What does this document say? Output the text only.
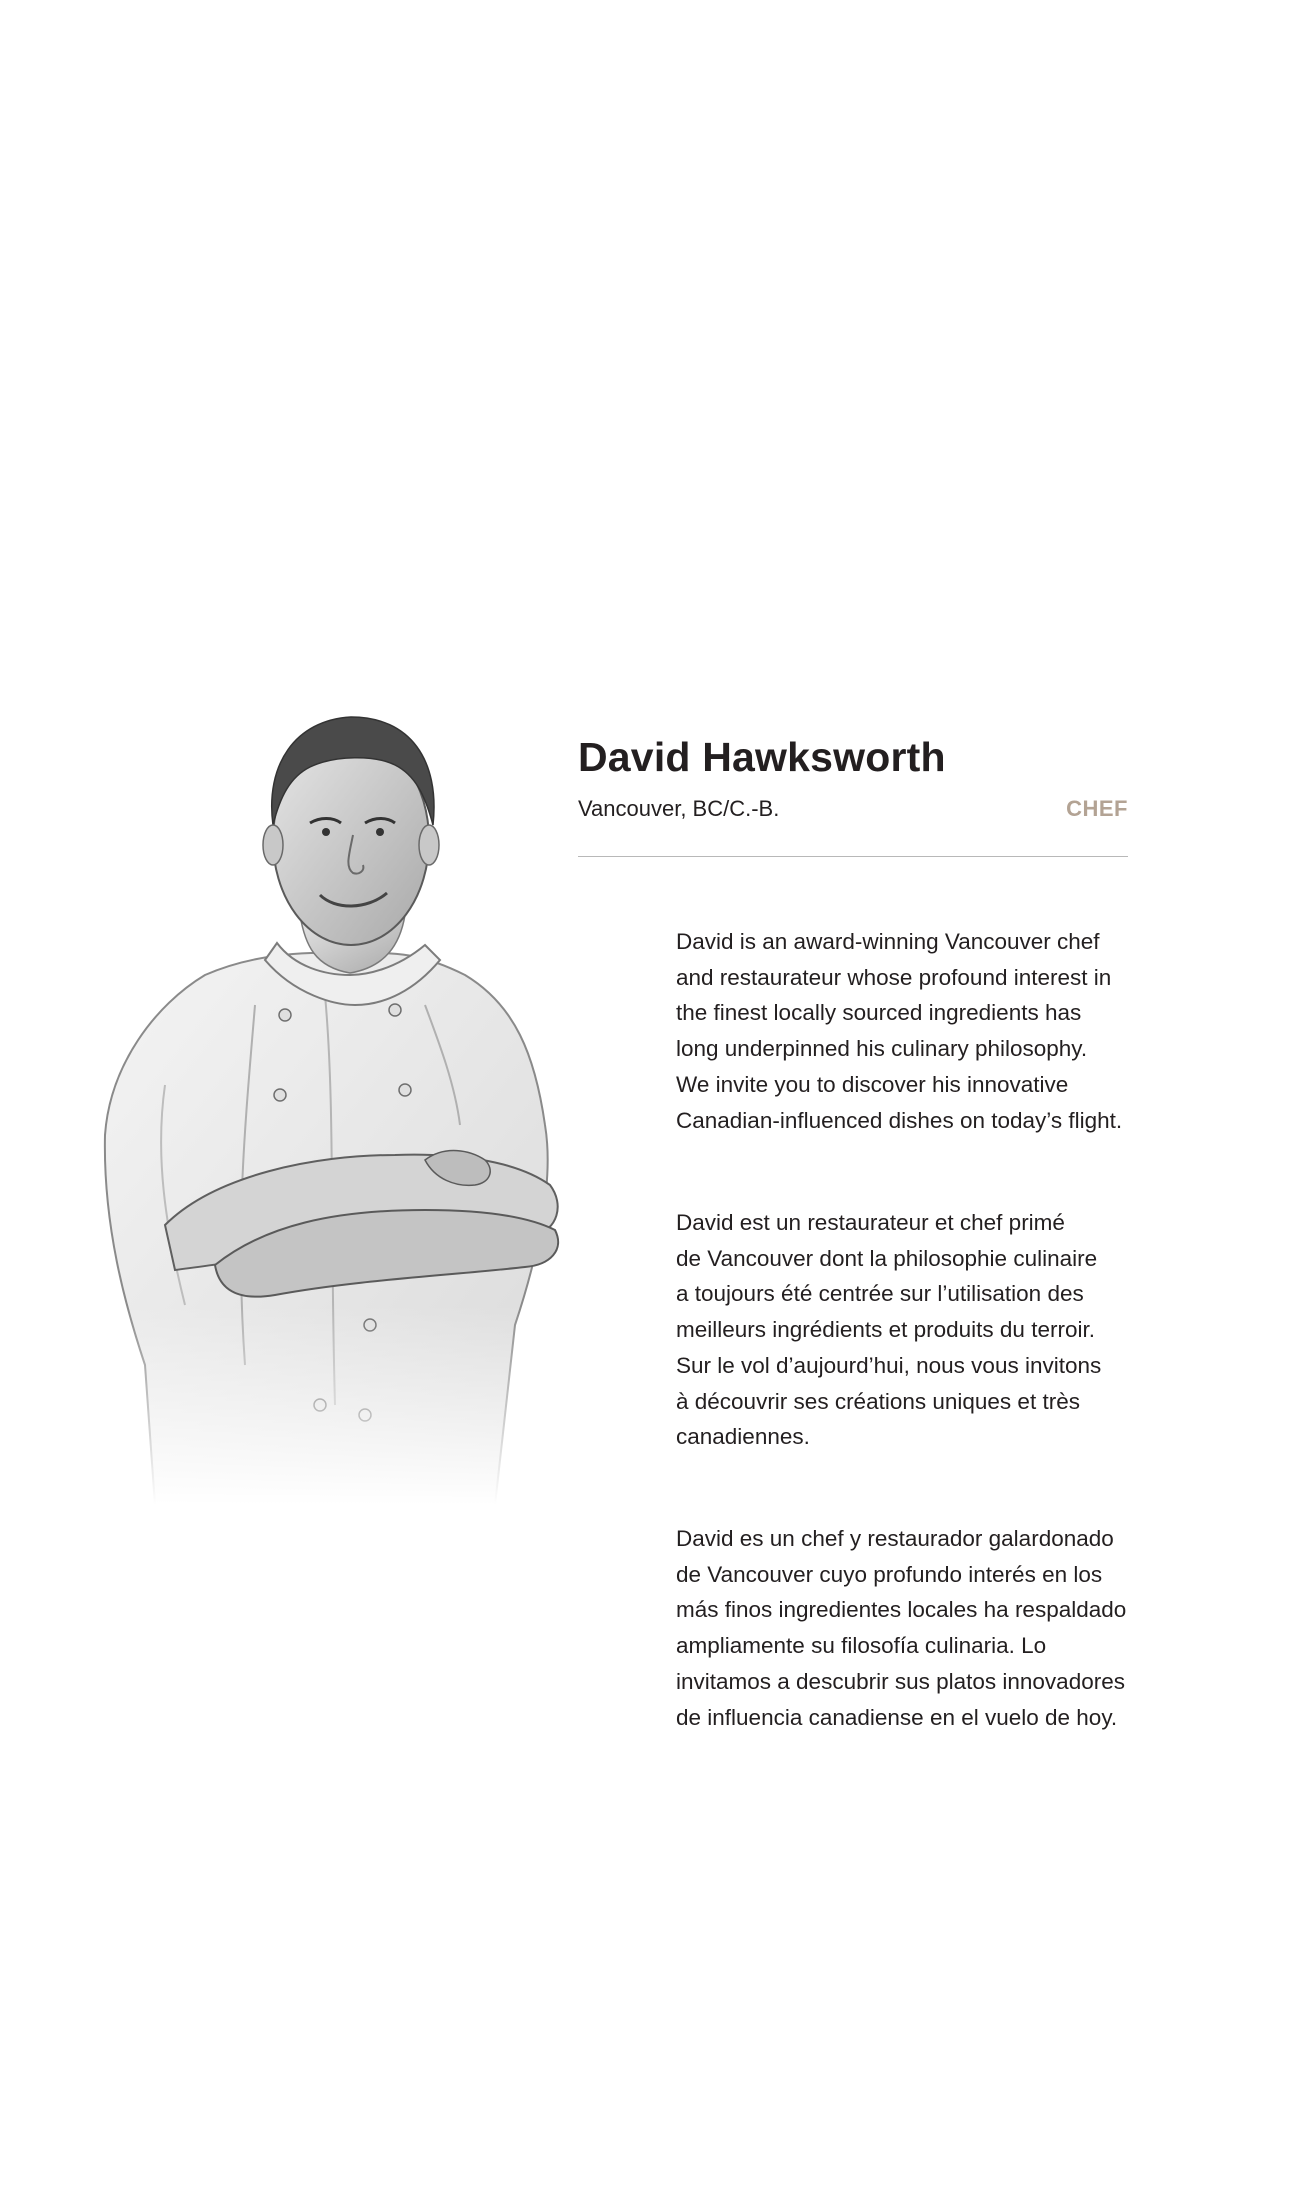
David Hawksworth
Vancouver, BC/C.-B.	CHEF

David is an award-winning Vancouver chef
and restaurateur whose profound interest in
the finest locally sourced ingredients has
long underpinned his culinary philosophy.
We invite you to discover his innovative
Canadian-influenced dishes on today’s flight.

David est un restaurateur et chef primé
de Vancouver dont la philosophie culinaire
a toujours été centrée sur l’utilisation des
meilleurs ingrédients et produits du terroir.
Sur le vol d’aujourd’hui, nous vous invitons
à découvrir ses créations uniques et très
canadiennes.

David es un chef y restaurador galardonado
de Vancouver cuyo profundo interés en los
más finos ingredientes locales ha respaldado
ampliamente su filosofía culinaria. Lo
invitamos a descubrir sus platos innovadores
de influencia canadiense en el vuelo de hoy.
